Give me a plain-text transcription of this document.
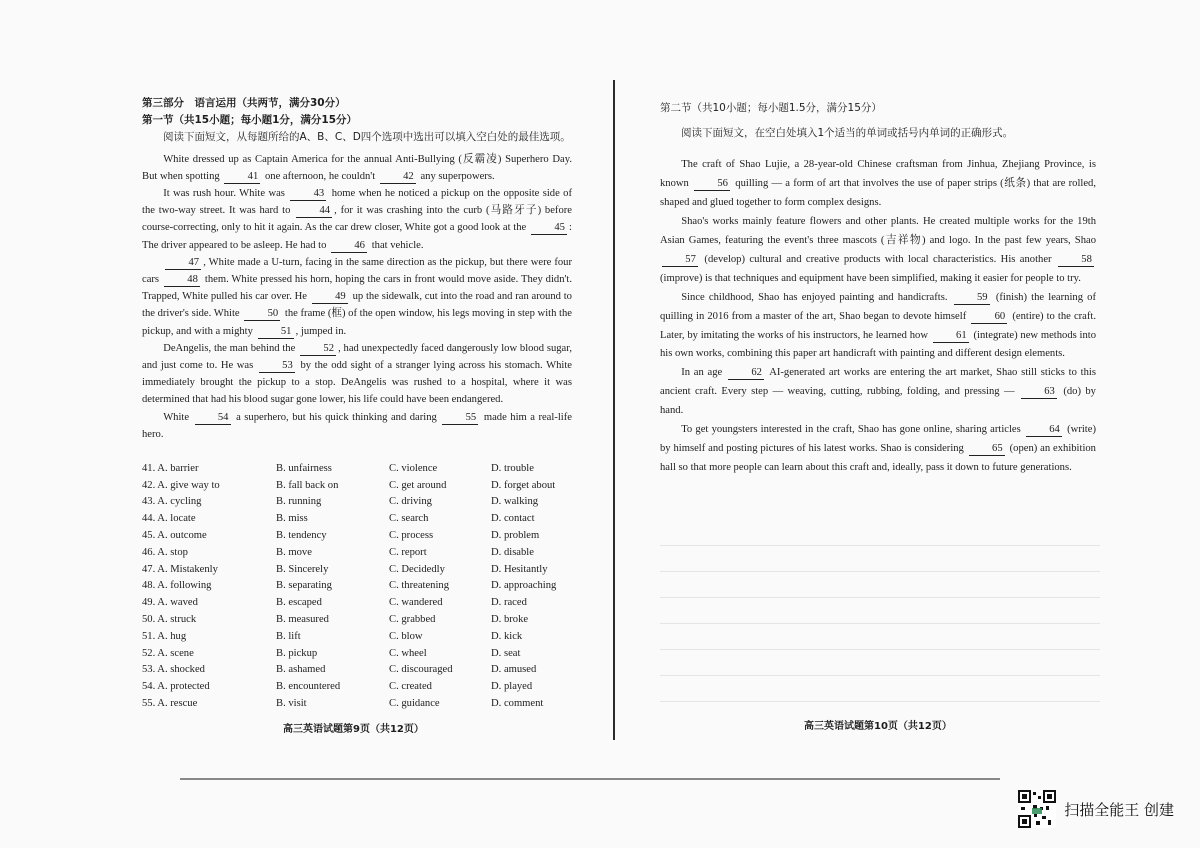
第三部分　语言运用（共两节，满分30分）
第一节（共15小题；每小题1分，满分15分）

阅读下面短文，从每题所给的A、B、C、D四个选项中选出可以填入空白处的最佳选项。

White dressed up as Captain America for the annual Anti-Bullying (反霸凌) Superhero Day. But when spotting 41 one afternoon, he couldn't 42 any superpowers.

It was rush hour. White was 43 home when he noticed a pickup on the opposite side of the two-way street. It was hard to 44 , for it was crashing into the curb (马路牙子) before course-correcting, only to hit it again. As the car drew closer, White got a good look at the 45 : The driver appeared to be asleep. He had to 46 that vehicle.

47 , White made a U-turn, facing in the same direction as the pickup, but there were four cars 48 them. White pressed his horn, hoping the cars in front would move aside. They didn't. Trapped, White pulled his car over. He 49 up the sidewalk, cut into the road and ran around to the driver's side. White 50 the frame (框) of the open window, his legs moving in step with the pickup, and with a mighty 51 , jumped in.

DeAngelis, the man behind the 52 , had unexpectedly faced dangerously low blood sugar, and just come to. He was 53 by the odd sight of a stranger lying across his stomach. White immediately brought the pickup to a stop. DeAngelis was rushed to a hospital, where it was determined that had his blood sugar gone lower, his life could have been endangered.

White 54 a superhero, but his quick thinking and daring 55 made him a real-life hero.

41. A. barrier	B. unfairness	C. violence	D. trouble
42. A. give way to	B. fall back on	C. get around	D. forget about
43. A. cycling	B. running	C. driving	D. walking
44. A. locate	B. miss	C. search	D. contact
45. A. outcome	B. tendency	C. process	D. problem
46. A. stop	B. move	C. report	D. disable
47. A. Mistakenly	B. Sincerely	C. Decidedly	D. Hesitantly
48. A. following	B. separating	C. threatening	D. approaching
49. A. waved	B. escaped	C. wandered	D. raced
50. A. struck	B. measured	C. grabbed	D. broke
51. A. hug	B. lift	C. blow	D. kick
52. A. scene	B. pickup	C. wheel	D. seat
53. A. shocked	B. ashamed	C. discouraged	D. amused
54. A. protected	B. encountered	C. created	D. played
55. A. rescue	B. visit	C. guidance	D. comment
高三英语试题第9页（共12页）
第二节（共10小题；每小题1.5分，满分15分）

阅读下面短文，在空白处填入1个适当的单词或括号内单词的正确形式。

The craft of Shao Lujie, a 28-year-old Chinese craftsman from Jinhua, Zhejiang Province, is known 56 quilling — a form of art that involves the use of paper strips (纸条) that are rolled, shaped and glued together to form complex designs.

Shao's works mainly feature flowers and other plants. He created multiple works for the 19th Asian Games, featuring the event's three mascots (吉祥物) and logo. In the past few years, Shao 57 (develop) cultural and creative products with local characteristics. His another 58 (improve) is that techniques and equipment have been simplified, making it easier for people to try.

Since childhood, Shao has enjoyed painting and handicrafts. 59 (finish) the learning of quilling in 2016 from a master of the art, Shao began to devote himself 60 (entire) to the craft. Later, by imitating the works of his instructors, he learned how 61 (integrate) new methods into his own works, combining this paper art handicraft with painting and different design elements.

In an age 62 AI-generated art works are entering the art market, Shao still sticks to this ancient craft. Every step — weaving, cutting, rubbing, folding, and pressing — 63 (do) by hand.

To get youngsters interested in the craft, Shao has gone online, sharing articles 64 (write) by himself and posting pictures of his latest works. Shao is considering 65 (open) an exhibition hall so that more people can learn about this craft and, ideally, pass it down to future generations.

高三英语试题第10页（共12页）
扫描全能王 创建
